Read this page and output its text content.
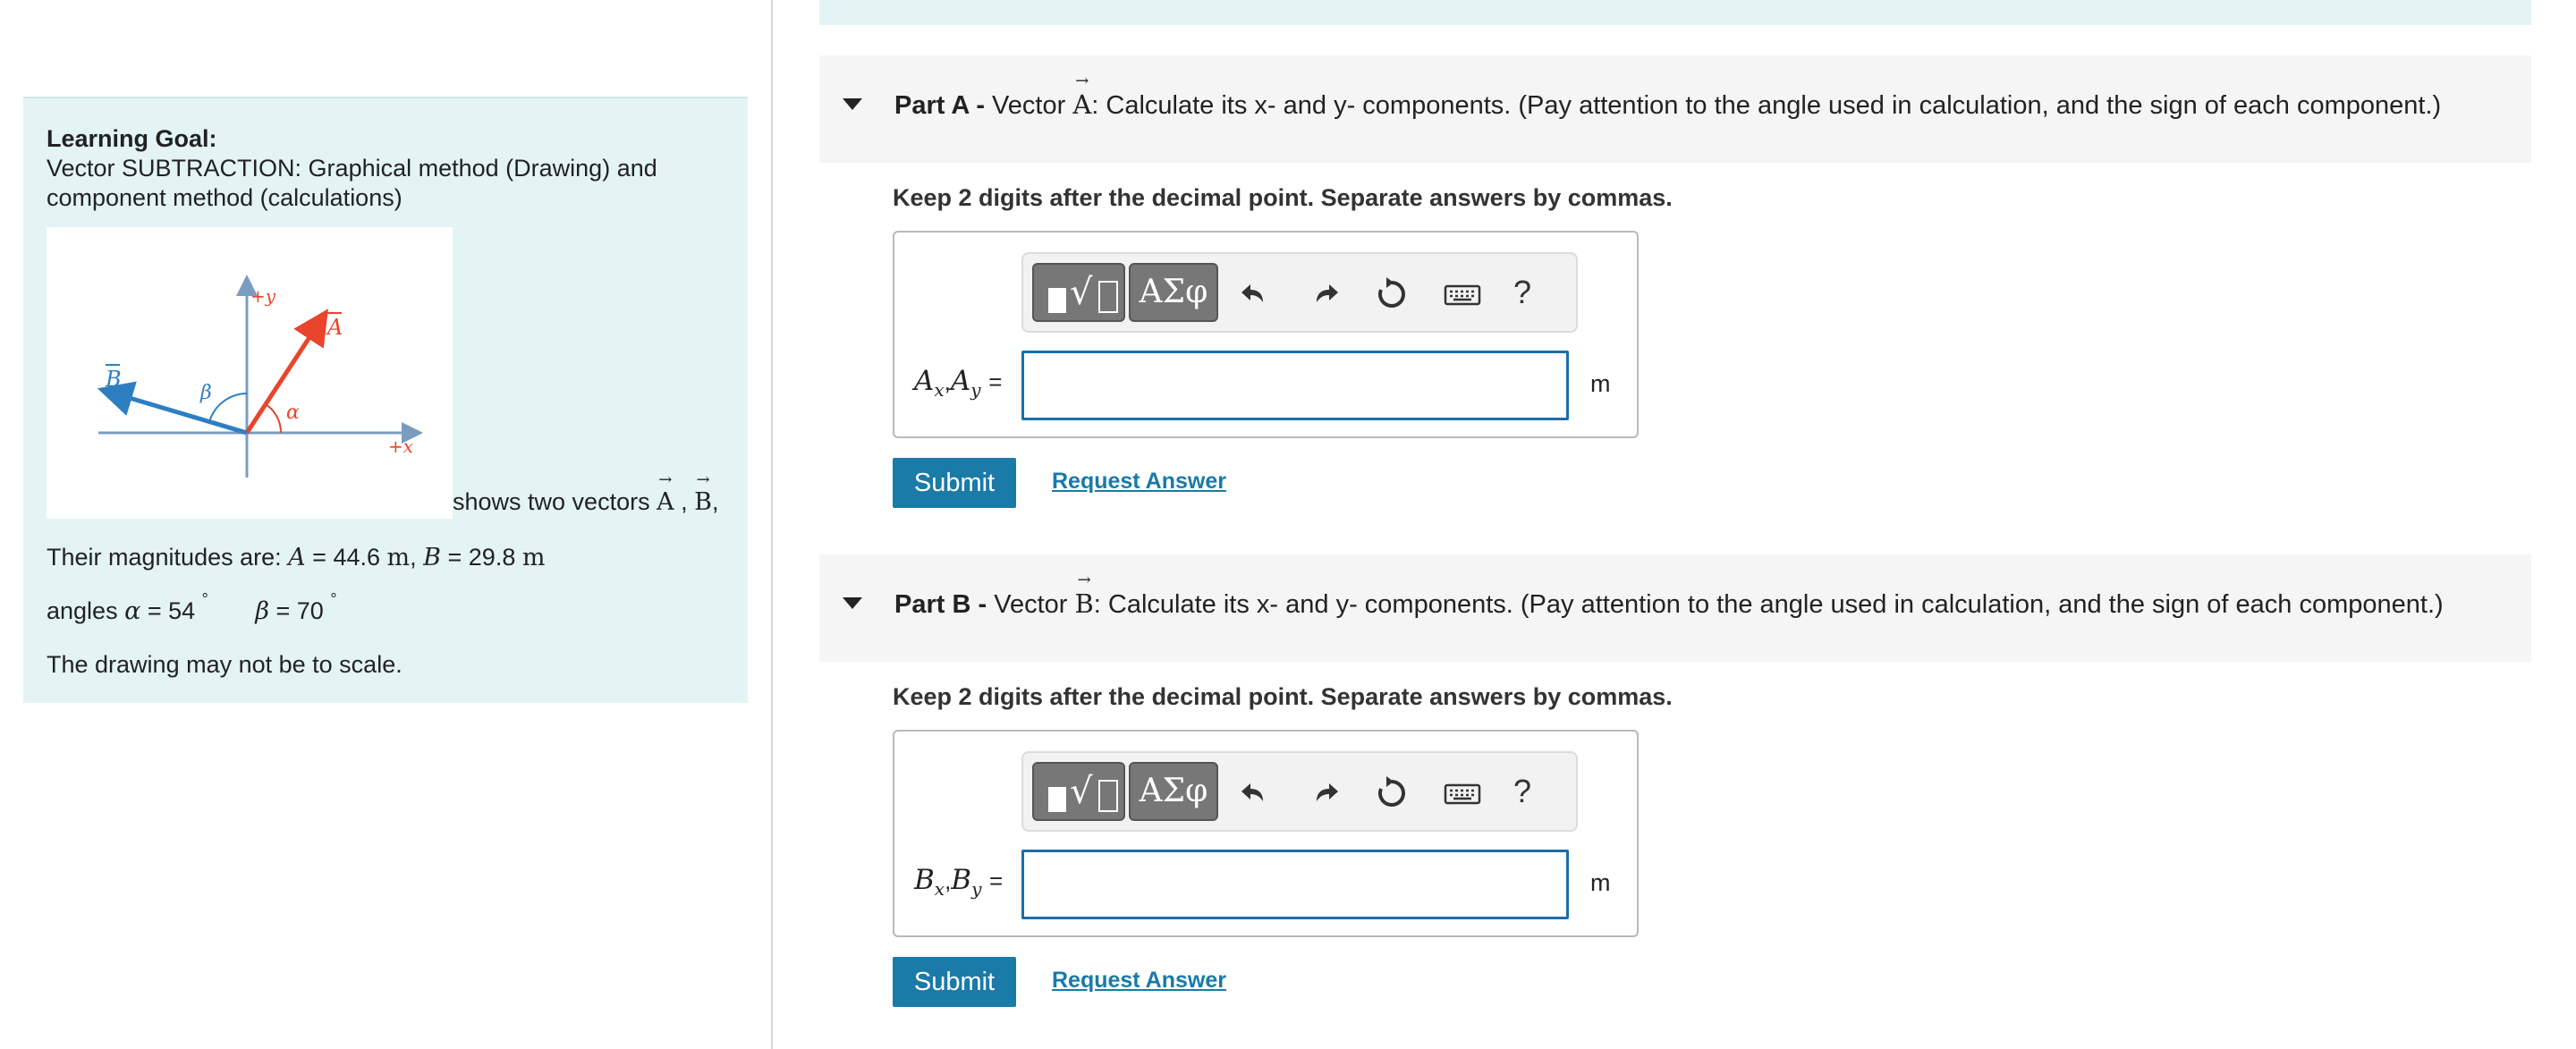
Learning Goal:
Vector SUBTRACTION: Graphical method (Drawing) and component method (calculations)
+y
+x
A
B
α
β
shows two vectors → A , → B,
Their magnitudes are: A = 44.6 m, B = 29.8 m
angles α = 54 ° β = 70 °
The drawing may not be to scale.
Part A - Vector → A: Calculate its x- and y- components. (Pay attention to the angle used in calculation, and the sign of each component.)
Keep 2 digits after the decimal point. Separate answers by commas.
√	ΑΣφ	?
$A_x,A_y$ =	m
Submit	Request Answer
Part B - Vector → B: Calculate its x- and y- components. (Pay attention to the angle used in calculation, and the sign of each component.)
Keep 2 digits after the decimal point. Separate answers by commas.
√	ΑΣφ	?
$B_x,B_y$ =	m
Submit	Request Answer
